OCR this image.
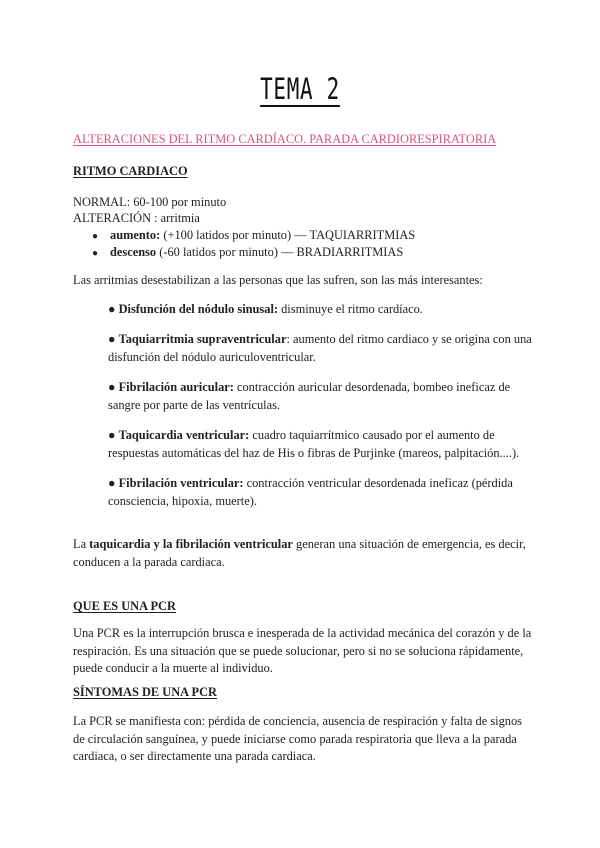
TEMA 2

ALTERACIONES DEL RITMO CARDÍACO. PARADA CARDIORESPIRATORIA

RITMO CARDIACO

NORMAL: 60-100 por minuto

ALTERACIÓN : arritmia

● aumento: (+100 latidos por minuto) — TAQUIARRITMIAS
● descenso (-60 latidos por minuto) — BRADIARRITMIAS

Las arritmias desestabilizan a las personas que las sufren, son las más interesantes:

● Disfunción del nódulo sinusal: disminuye el ritmo cardíaco.

● Taquiarritmia supraventricular: aumento del ritmo cardiaco y se origina con una disfunción del nódulo auriculoventricular.

● Fibrilación auricular: contracción auricular desordenada, bombeo ineficaz de sangre por parte de las ventrículas.

● Taquicardia ventricular: cuadro taquiarrítmico causado por el aumento de respuestas automáticas del haz de His o fibras de Purjinke (mareos, palpitación....).

● Fibrilación ventricular: contracción ventricular desordenada ineficaz (pérdida consciencia, hipoxia, muerte).

La taquicardia y la fibrilación ventricular generan una situación de emergencia, es decir, conducen a la parada cardiaca.

QUE ES UNA PCR

Una PCR es la interrupción brusca e inesperada de la actividad mecánica del corazón y de la respiración. Es una situación que se puede solucionar, pero si no se soluciona rápidamente, puede conducir a la muerte al individuo.

SÍNTOMAS DE UNA PCR

La PCR se manifiesta con: pérdida de conciencia, ausencia de respiración y falta de signos de circulación sanguínea, y puede iniciarse como parada respiratoria que lleva a la parada cardiaca, o ser directamente una parada cardiaca.
